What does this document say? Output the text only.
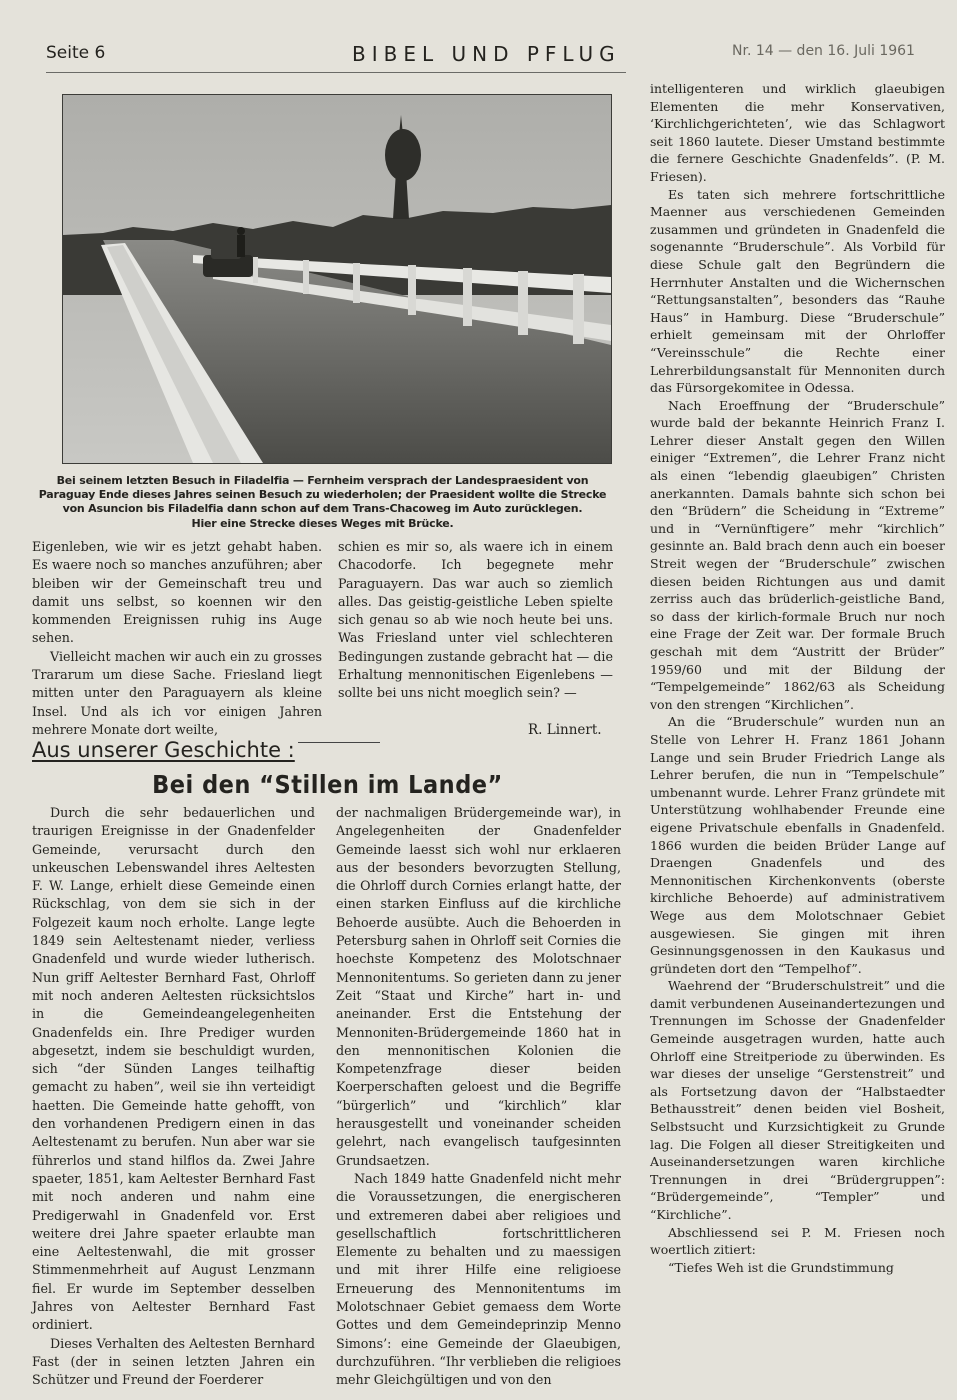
Seite 6	BIBEL UND PFLUG	Nr. 14 — den 16. Juli 1961
Bei seinem letzten Besuch in Filadelfia — Fernheim versprach der Landespraesident von
Paraguay Ende dieses Jahres seinen Besuch zu wiederholen; der Praesident wollte die Strecke
von Asuncion bis Filadelfia dann schon auf dem Trans-Chacoweg im Auto zurücklegen.
Hier eine Strecke dieses Weges mit Brücke.

Eigenleben, wie wir es jetzt gehabt haben. Es waere noch so manches anzuführen; aber bleiben wir der Gemeinschaft treu und damit uns selbst, so koennen wir den kommenden Ereignissen ruhig ins Auge sehen.

Vielleicht machen wir auch ein zu grosses Trararum um diese Sache. Friesland liegt mitten unter den Paraguayern als kleine Insel. Und als ich vor einigen Jahren mehrere Monate dort weilte,

schien es mir so, als waere ich in einem Chacodorfe. Ich begegnete mehr Paraguayern. Das war auch so ziemlich alles. Das geistig-geistliche Leben spielte sich genau so ab wie noch heute bei uns. Was Friesland unter viel schlechteren Bedingungen zustande gebracht hat — die Erhaltung mennonitischen Eigenlebens — sollte bei uns nicht moeglich sein? —

R. Linnert.
Aus unserer Geschichte :
Bei den “Stillen im Lande”

Durch die sehr bedauerlichen und traurigen Ereignisse in der Gnadenfelder Gemeinde, verursacht durch den unkeuschen Lebenswandel ihres Aeltesten F. W. Lange, erhielt diese Gemeinde einen Rückschlag, von dem sie sich in der Folgezeit kaum noch erholte. Lange legte 1849 sein Aeltestenamt nieder, verliess Gnadenfeld und wurde wieder lutherisch. Nun griff Aeltester Bernhard Fast, Ohrloff mit noch anderen Aeltesten rücksichtslos in die Gemeindeangelegenheiten Gnadenfelds ein. Ihre Prediger wurden abgesetzt, indem sie beschuldigt wurden, sich “der Sünden Langes teilhaftig gemacht zu haben”, weil sie ihn verteidigt haetten. Die Gemeinde hatte gehofft, von den vorhandenen Predigern einen in das Aeltestenamt zu berufen. Nun aber war sie führerlos und stand hilflos da. Zwei Jahre spaeter, 1851, kam Aeltester Bernhard Fast mit noch anderen und nahm eine Predigerwahl in Gnadenfeld vor. Erst weitere drei Jahre spaeter erlaubte man eine Aeltestenwahl, die mit grosser Stimmenmehrheit auf August Lenzmann fiel. Er wurde im September desselben Jahres von Aeltester Bernhard Fast ordiniert.

Dieses Verhalten des Aeltesten Bernhard Fast (der in seinen letzten Jahren ein Schützer und Freund der Foerderer

der nachmaligen Brüdergemeinde war), in Angelegenheiten der Gnadenfelder Gemeinde laesst sich wohl nur erklaeren aus der besonders bevorzugten Stellung, die Ohrloff durch Cornies erlangt hatte, der einen starken Einfluss auf die kirchliche Behoerde ausübte. Auch die Behoerden in Petersburg sahen in Ohrloff seit Cornies die hoechste Kompetenz des Molotschnaer Mennonitentums. So gerieten dann zu jener Zeit “Staat und Kirche” hart in- und aneinander. Erst die Entstehung der Mennoniten-Brüdergemeinde 1860 hat in den mennonitischen Kolonien die Kompetenzfrage dieser beiden Koerperschaften geloest und die Begriffe “bürgerlich” und “kirchlich” klar herausgestellt und voneinander scheiden gelehrt, nach evangelisch taufgesinnten Grundsaetzen.

Nach 1849 hatte Gnadenfeld nicht mehr die Voraussetzungen, die energischeren und extremeren dabei aber religioes und gesellschaftlich fortschrittlicheren Elemente zu behalten und zu maessigen und mit ihrer Hilfe eine religioese Erneuerung des Mennonitentums im Molotschnaer Gebiet gemaess dem Worte Gottes und dem Gemeindeprinzip Menno Simons’: eine Gemeinde der Glaeubigen, durchzuführen. “Ihr verblieben die religioes mehr Gleichgültigen und von den

intelligenteren und wirklich glaeubigen Elementen die mehr Konservativen, ‘Kirchlichgerichteten’, wie das Schlagwort seit 1860 lautete. Dieser Umstand bestimmte die fernere Geschichte Gnadenfelds”. (P. M. Friesen).

Es taten sich mehrere fortschrittliche Maenner aus verschiedenen Gemeinden zusammen und gründeten in Gnadenfeld die sogenannte “Bruderschule”. Als Vorbild für diese Schule galt den Begründern die Herrnhuter Anstalten und die Wichernschen “Rettungsanstalten”, besonders das “Rauhe Haus” in Hamburg. Diese “Bruderschule” erhielt gemeinsam mit der Ohrloffer “Vereinsschule” die Rechte einer Lehrerbildungsanstalt für Mennoniten durch das Fürsorgekomitee in Odessa.

Nach Eroeffnung der “Bruderschule” wurde bald der bekannte Heinrich Franz I. Lehrer dieser Anstalt gegen den Willen einiger “Extremen”, die Lehrer Franz nicht als einen “lebendig glaeubigen” Christen anerkannten. Damals bahnte sich schon bei den “Brüdern” die Scheidung in “Extreme” und in “Vernünftigere” mehr “kirchlich” gesinnte an. Bald brach denn auch ein boeser Streit wegen der “Bruderschule” zwischen diesen beiden Richtungen aus und damit zerriss auch das brüderlich-geistliche Band, so dass der kirlich-formale Bruch nur noch eine Frage der Zeit war. Der formale Bruch geschah mit dem “Austritt der Brüder” 1959/60 und mit der Bildung der “Tempelgemeinde” 1862/63 als Scheidung von den strengen “Kirchlichen”.

An die “Bruderschule” wurden nun an Stelle von Lehrer H. Franz 1861 Johann Lange und sein Bruder Friedrich Lange als Lehrer berufen, die nun in “Tempelschule” umbenannt wurde. Lehrer Franz gründete mit Unterstützung wohlhabender Freunde eine eigene Privatschule ebenfalls in Gnadenfeld. 1866 wurden die beiden Brüder Lange auf Draengen Gnadenfels und des Mennonitischen Kirchenkonvents (oberste kirchliche Behoerde) auf administrativem Wege aus dem Molotschnaer Gebiet ausgewiesen. Sie gingen mit ihren Gesinnungsgenossen in den Kaukasus und gründeten dort den “Tempelhof”.

Waehrend der “Bruderschulstreit” und die damit verbundenen Auseinandertezungen und Trennungen im Schosse der Gnadenfelder Gemeinde ausgetragen wurden, hatte auch Ohrloff eine Streitperiode zu überwinden. Es war dieses der unselige “Gerstenstreit” und als Fortsetzung davon der “Halbstaedter Bethausstreit” denen beiden viel Bosheit, Selbstsucht und Kurzsichtigkeit zu Grunde lag. Die Folgen all dieser Streitigkeiten und Auseinandersetzungen waren kirchliche Trennungen in drei “Brüdergruppen”: “Brüdergemeinde”, “Templer” und “Kirchliche”.

Abschliessend sei P. M. Friesen noch woertlich zitiert:

“Tiefes Weh ist die Grundstimmung
